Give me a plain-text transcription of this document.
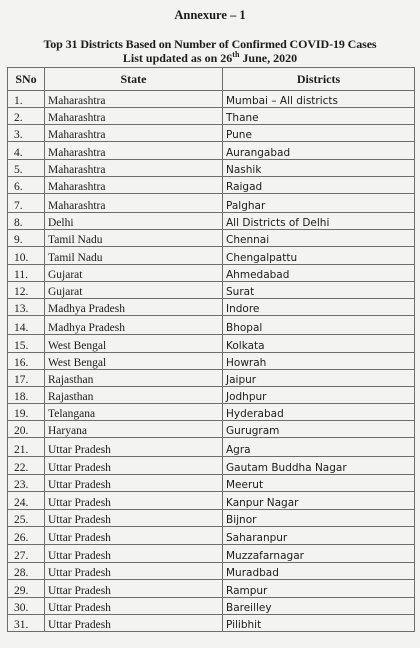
Annexure – 1
Top 31 Districts Based on Number of Confirmed COVID-19 Cases
List updated as on 26th June, 2020
SNo	State	Districts
1.	Maharashtra	Mumbai – All districts
2.	Maharashtra	Thane
3.	Maharashtra	Pune
4.	Maharashtra	Aurangabad
5.	Maharashtra	Nashik
6.	Maharashtra	Raigad
7.	Maharashtra	Palghar
8.	Delhi	All Districts of Delhi
9.	Tamil Nadu	Chennai
10.	Tamil Nadu	Chengalpattu
11.	Gujarat	Ahmedabad
12.	Gujarat	Surat
13.	Madhya Pradesh	Indore
14.	Madhya Pradesh	Bhopal
15.	West Bengal	Kolkata
16.	West Bengal	Howrah
17.	Rajasthan	Jaipur
18.	Rajasthan	Jodhpur
19.	Telangana	Hyderabad
20.	Haryana	Gurugram
21.	Uttar Pradesh	Agra
22.	Uttar Pradesh	Gautam Buddha Nagar
23.	Uttar Pradesh	Meerut
24.	Uttar Pradesh	Kanpur Nagar
25.	Uttar Pradesh	Bijnor
26.	Uttar Pradesh	Saharanpur
27.	Uttar Pradesh	Muzzafarnagar
28.	Uttar Pradesh	Muradbad
29.	Uttar Pradesh	Rampur
30.	Uttar Pradesh	Bareilley
31.	Uttar Pradesh	Pilibhit
